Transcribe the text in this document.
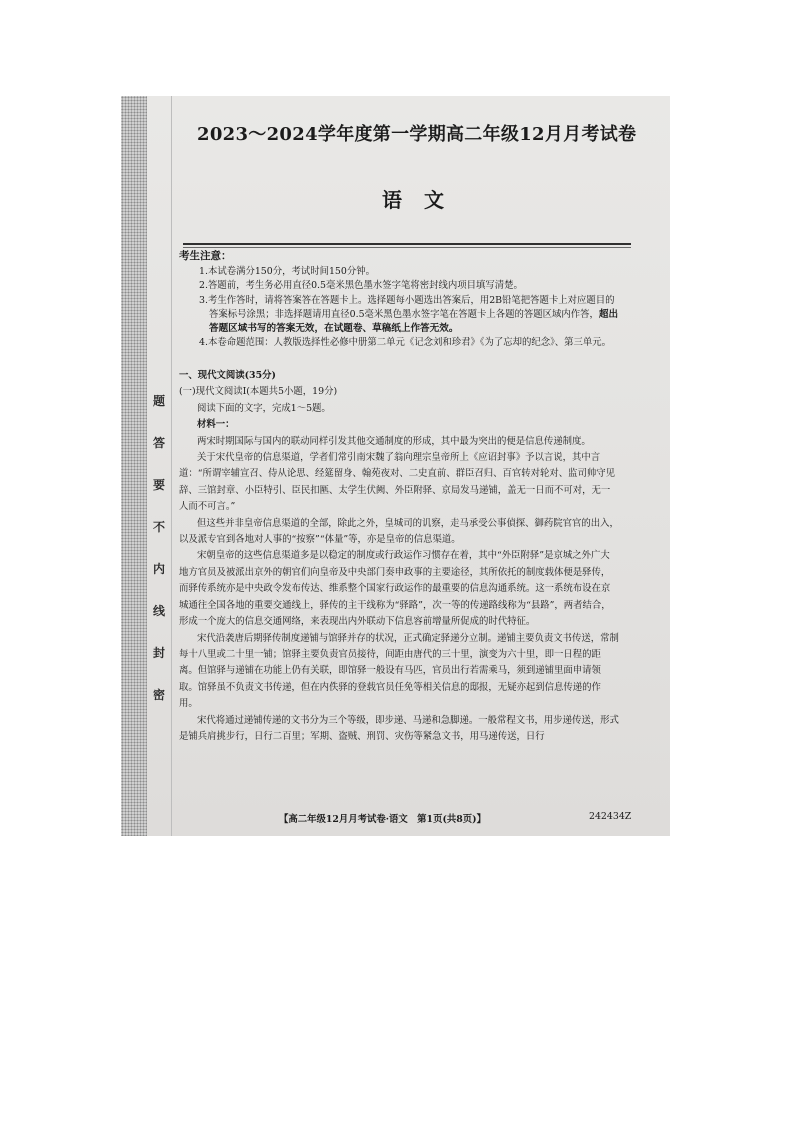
题
答
要
不
内
线
封
密
2023～2024学年度第一学期高二年级12月月考试卷
语文
考生注意：
1.本试卷满分150分，考试时间150分钟。
2.答题前，考生务必用直径0.5毫米黑色墨水签字笔将密封线内项目填写清楚。
3.考生作答时，请将答案答在答题卡上。选择题每小题选出答案后，用2B铅笔把答题卡上对应题目的答案标号涂黑；非选择题请用直径0.5毫米黑色墨水签字笔在答题卡上各题的答题区域内作答，超出答题区域书写的答案无效，在试题卷、草稿纸上作答无效。
4.本卷命题范围：人教版选择性必修中册第二单元《记念刘和珍君》《为了忘却的纪念》、第三单元。
一、现代文阅读(35分)
(一)现代文阅读Ⅰ(本题共5小题，19分)
阅读下面的文字，完成1～5题。
材料一：
两宋时期国际与国内的联动同样引发其他交通制度的形成，其中最为突出的便是信息传递制度。
关于宋代皇帝的信息渠道，学者们常引南宋魏了翁向理宗皇帝所上《应诏封事》予以言说，其中言道：“所谓宰辅宣召、侍从论思、经筵留身、翰苑夜对、二史直前、群臣召归、百官转对轮对、监司帅守见辞、三馆封章、小臣特引、臣民扣匦、太学生伏阙、外臣附驿、京局发马递铺，盖无一日而不可对，无一人而不可言。”
但这些并非皇帝信息渠道的全部，除此之外，皇城司的讥察，走马承受公事偵探、御药院官官的出入，以及派专官到各地对人事的“按察”“体量”等，亦是皇帝的信息渠道。
宋朝皇帝的这些信息渠道多是以稳定的制度或行政运作习惯存在着，其中“外臣附驿”是京城之外广大地方官员及被派出京外的朝官们向皇帝及中央部门奏申政事的主要途径，其所依托的制度载体便是驿传，而驿传系统亦是中央政令发布传达、维系整个国家行政运作的最重要的信息沟通系统。这一系统布设在京城通往全国各地的重要交通线上，驿传的主干线称为“驿路”，次一等的传递路线称为“县路”，两者结合，形成一个庞大的信息交通网络，来表现出内外联动下信息容前增量所促成的时代特征。
宋代沿袭唐后期驿传制度递铺与馆驿并存的状况，正式确定驿递分立制。递铺主要负责文书传送，常制每十八里或二十里一铺；馆驿主要负责官员接待，间距由唐代的三十里，演变为六十里，即一日程的距离。但馆驿与递铺在功能上仍有关联，即馆驿一般设有马匹，官员出行若需乘马，须到递铺里面申请领取。馆驿虽不负责文书传递，但在内佚驿的登载官员任免等相关信息的邸报，无疑亦起到信息传递的作用。
宋代将通过递铺传递的文书分为三个等级，即步递、马递和急脚递。一般常程文书，用步递传送，形式是铺兵肩挑步行，日行二百里；军期、盗贼、刑罚、灾伤等紧急文书，用马递传送，日行
【高二年级12月月考试卷·语文　第1页(共8页)】	242434Z
